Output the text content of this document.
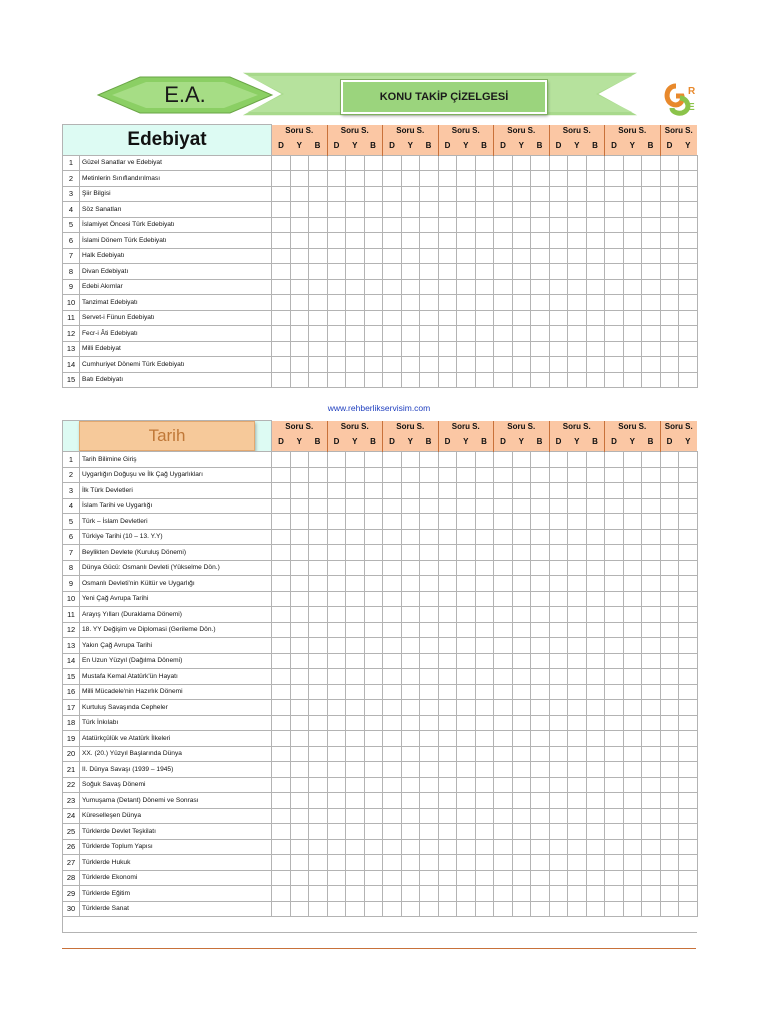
E.A.	KONU TAKİP ÇİZELGESİ	R
E
Edebiyat		Soru S.			Soru S.			Soru S.			Soru S.			Soru S.			Soru S.			Soru S.			Soru S.	
		D	Y	B	D	Y	B	D	Y	B	D	Y	B	D	Y	B	D	Y	B	D	Y	B	D	Y
1	Güzel Sanatlar ve Edebiyat																							
2	Metinlerin Sınıflandırılması																							
3	Şiir Bilgisi																							
4	Söz Sanatları																							
5	İslamiyet Öncesi Türk Edebiyatı																							
6	İslami Dönem Türk Edebiyatı																							
7	Halk Edebiyatı																							
8	Divan Edebiyatı																							
9	Edebi Akımlar																							
10	Tanzimat Edebiyatı																							
11	Servet-i Fünun Edebiyatı																							
12	Fecr-i Âti Edebiyatı																							
13	Milli Edebiyat																							
14	Cumhuriyet Dönemi Türk Edebiyatı																							
15	Batı Edebiyatı																							
www.rehberlikservisim.com
Tarih		Soru S.			Soru S.			Soru S.			Soru S.			Soru S.			Soru S.			Soru S.			Soru S.	
		D	Y	B	D	Y	B	D	Y	B	D	Y	B	D	Y	B	D	Y	B	D	Y	B	D	Y
1	Tarih Bilimine Giriş																							
2	Uygarlığın Doğuşu ve İlk Çağ Uygarlıkları																							
3	İlk Türk Devletleri																							
4	İslam Tarihi ve Uygarlığı																							
5	Türk – İslam Devletleri																							
6	Türkiye Tarihi (10 – 13. Y.Y)																							
7	Beylikten Devlete (Kuruluş Dönemi)																							
8	Dünya Gücü: Osmanlı Devleti (Yükselme Dön.)																							
9	Osmanlı Devleti'nin Kültür ve Uygarlığı																							
10	Yeni Çağ Avrupa Tarihi																							
11	Arayış Yılları (Duraklama Dönemi)																							
12	18. YY Değişim ve Diplomasi (Gerileme Dön.)																							
13	Yakın Çağ Avrupa Tarihi																							
14	En Uzun Yüzyıl (Dağılma Dönemi)																							
15	Mustafa Kemal Atatürk'ün Hayatı																							
16	Milli Mücadele'nin Hazırlık Dönemi																							
17	Kurtuluş Savaşında Cepheler																							
18	Türk İnkılabı																							
19	Atatürkçülük ve Atatürk İlkeleri																							
20	XX. (20.) Yüzyıl Başlarında Dünya																							
21	II. Dünya Savaşı (1939 – 1945)																							
22	Soğuk Savaş Dönemi																							
23	Yumuşama (Detant) Dönemi ve Sonrası																							
24	Küreselleşen Dünya																							
25	Türklerde Devlet Teşkilatı																							
26	Türklerde Toplum Yapısı																							
27	Türklerde Hukuk																							
28	Türklerde Ekonomi																							
29	Türklerde Eğitim																							
30	Türklerde Sanat																							
